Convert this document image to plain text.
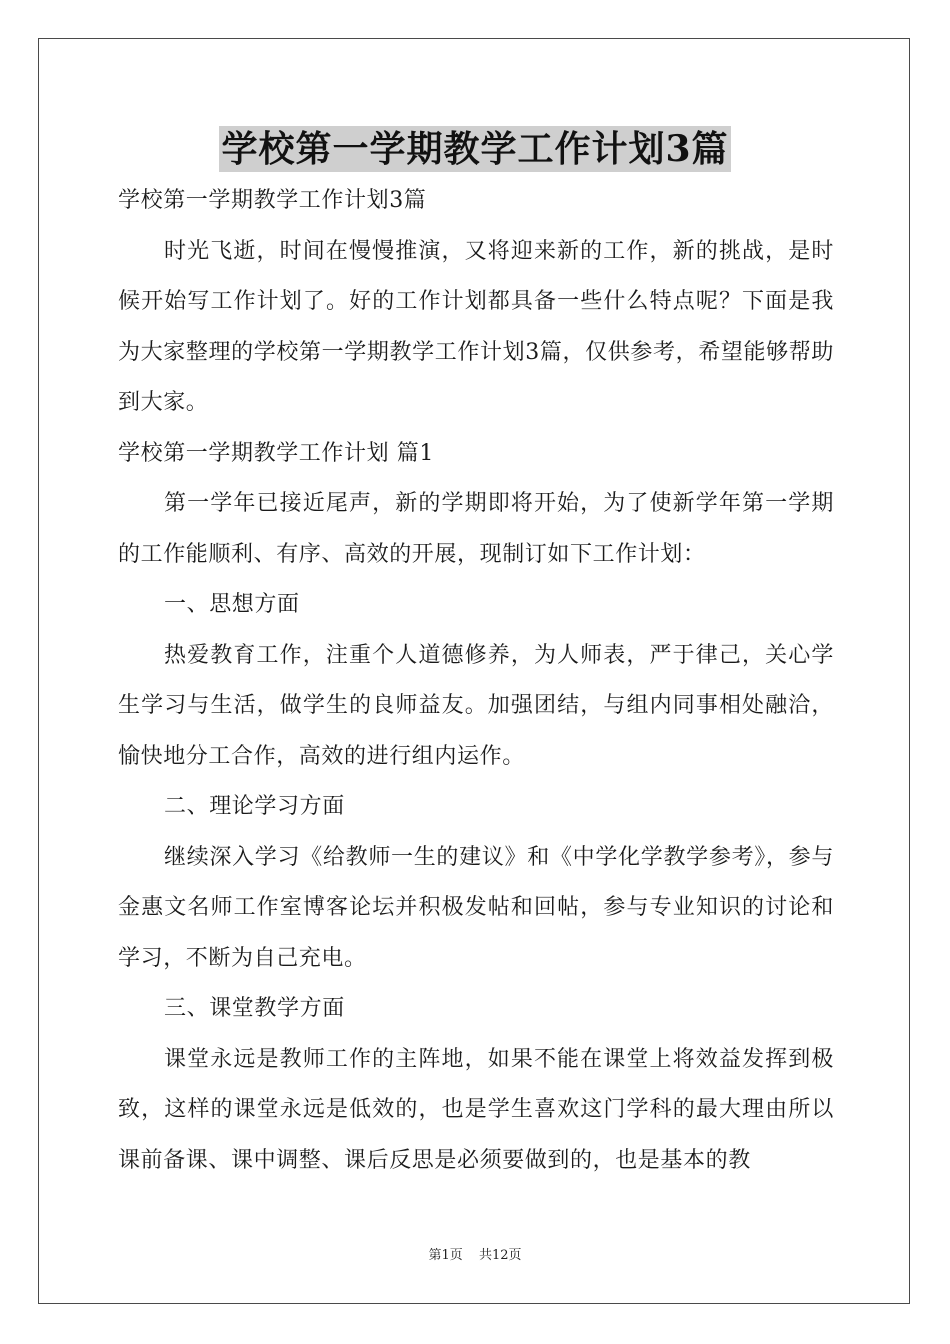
学校第一学期教学工作计划3篇

学校第一学期教学工作计划3篇

时光飞逝，时间在慢慢推演，又将迎来新的工作，新的挑战，是时候开始写工作计划了。好的工作计划都具备一些什么特点呢？下面是我为大家整理的学校第一学期教学工作计划3篇，仅供参考，希望能够帮助到大家。

学校第一学期教学工作计划 篇1

第一学年已接近尾声，新的学期即将开始，为了使新学年第一学期的工作能顺利、有序、高效的开展，现制订如下工作计划：

一、思想方面

热爱教育工作，注重个人道德修养，为人师表，严于律己，关心学生学习与生活，做学生的良师益友。加强团结，与组内同事相处融洽，愉快地分工合作，高效的进行组内运作。

二、理论学习方面

继续深入学习《给教师一生的建议》和《中学化学教学参考》，参与金惠文名师工作室博客论坛并积极发帖和回帖，参与专业知识的讨论和学习，不断为自己充电。

三、课堂教学方面

课堂永远是教师工作的主阵地，如果不能在课堂上将效益发挥到极致，这样的课堂永远是低效的，也是学生喜欢这门学科的最大理由所以课前备课、课中调整、课后反思是必须要做到的，也是基本的教

第1页 共12页
